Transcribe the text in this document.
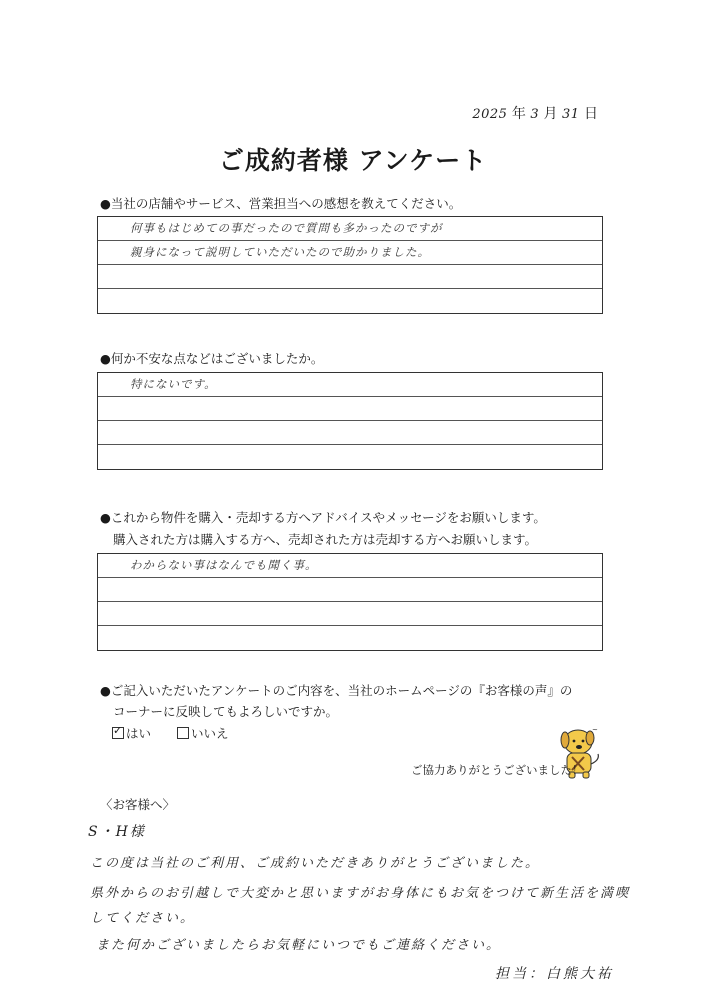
2025 年 3 月 31 日
ご成約者様 アンケート
●当社の店舗やサービス、営業担当への感想を教えてください。
何事もはじめての事だったので質問も多かったのですが
親身になって説明していただいたので助かりました。
●何か不安な点などはございましたか。
特にないです。
●これから物件を購入・売却する方へアドバイスやメッセージをお願いします。
購入された方は購入する方へ、売却された方は売却する方へお願いします。
わからない事はなんでも聞く事。
●ご記入いただいたアンケートのご内容を、当社のホームページの『お客様の声』の
コーナーに反映してもよろしいですか。
✓はい	いいえ	~
ご協力ありがとうございました！
〈お客様へ〉
S・H様
この度は当社のご利用、ご成約いただきありがとうございました。
県外からのお引越しで大変かと思いますがお身体にもお気をつけて新生活を満喫
してください。
また何かございましたらお気軽にいつでもご連絡ください。
担当：白熊大祐
